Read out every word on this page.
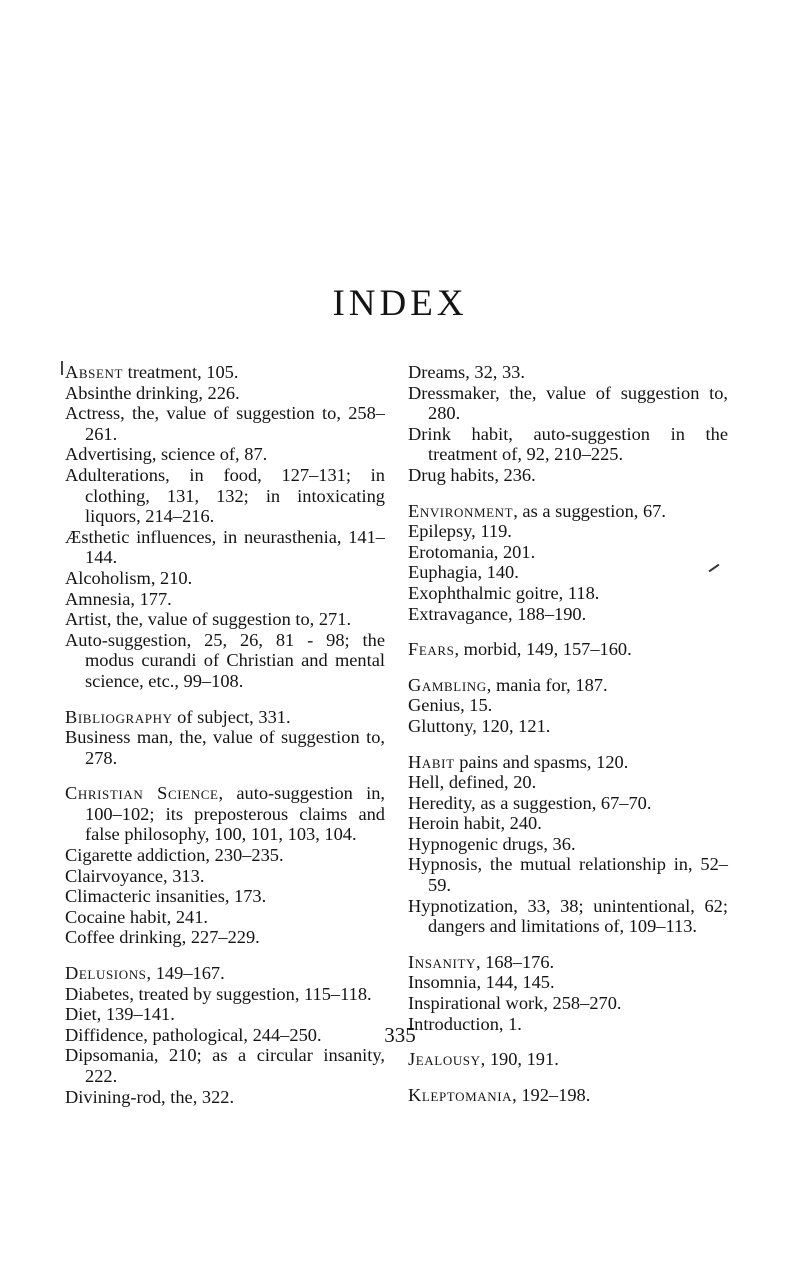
INDEX

Absent treatment, 105.

Absinthe drinking, 226.

Actress, the, value of suggestion to, 258–261.

Advertising, science of, 87.

Adulterations, in food, 127–131; in clothing, 131, 132; in intoxicating liquors, 214–216.

Æsthetic influences, in neurasthenia, 141–144.

Alcoholism, 210.

Amnesia, 177.

Artist, the, value of suggestion to, 271.

Auto-suggestion, 25, 26, 81 - 98; the modus curandi of Christian and mental science, etc., 99–108.

Bibliography of subject, 331.

Business man, the, value of suggestion to, 278.

Christian Science, auto-suggestion in, 100–102; its preposterous claims and false philosophy, 100, 101, 103, 104.

Cigarette addiction, 230–235.

Clairvoyance, 313.

Climacteric insanities, 173.

Cocaine habit, 241.

Coffee drinking, 227–229.

Delusions, 149–167.

Diabetes, treated by suggestion, 115–118.

Diet, 139–141.

Diffidence, pathological, 244–250.

Dipsomania, 210; as a circular insanity, 222.

Divining-rod, the, 322.

Dreams, 32, 33.

Dressmaker, the, value of suggestion to, 280.

Drink habit, auto-suggestion in the treatment of, 92, 210–225.

Drug habits, 236.

Environment, as a suggestion, 67.

Epilepsy, 119.

Erotomania, 201.

Euphagia, 140.

Exophthalmic goitre, 118.

Extravagance, 188–190.

Fears, morbid, 149, 157–160.

Gambling, mania for, 187.

Genius, 15.

Gluttony, 120, 121.

Habit pains and spasms, 120.

Hell, defined, 20.

Heredity, as a suggestion, 67–70.

Heroin habit, 240.

Hypnogenic drugs, 36.

Hypnosis, the mutual relationship in, 52–59.

Hypnotization, 33, 38; unintentional, 62; dangers and limitations of, 109–113.

Insanity, 168–176.

Insomnia, 144, 145.

Inspirational work, 258–270.

Introduction, 1.

Jealousy, 190, 191.

Kleptomania, 192–198.

335
